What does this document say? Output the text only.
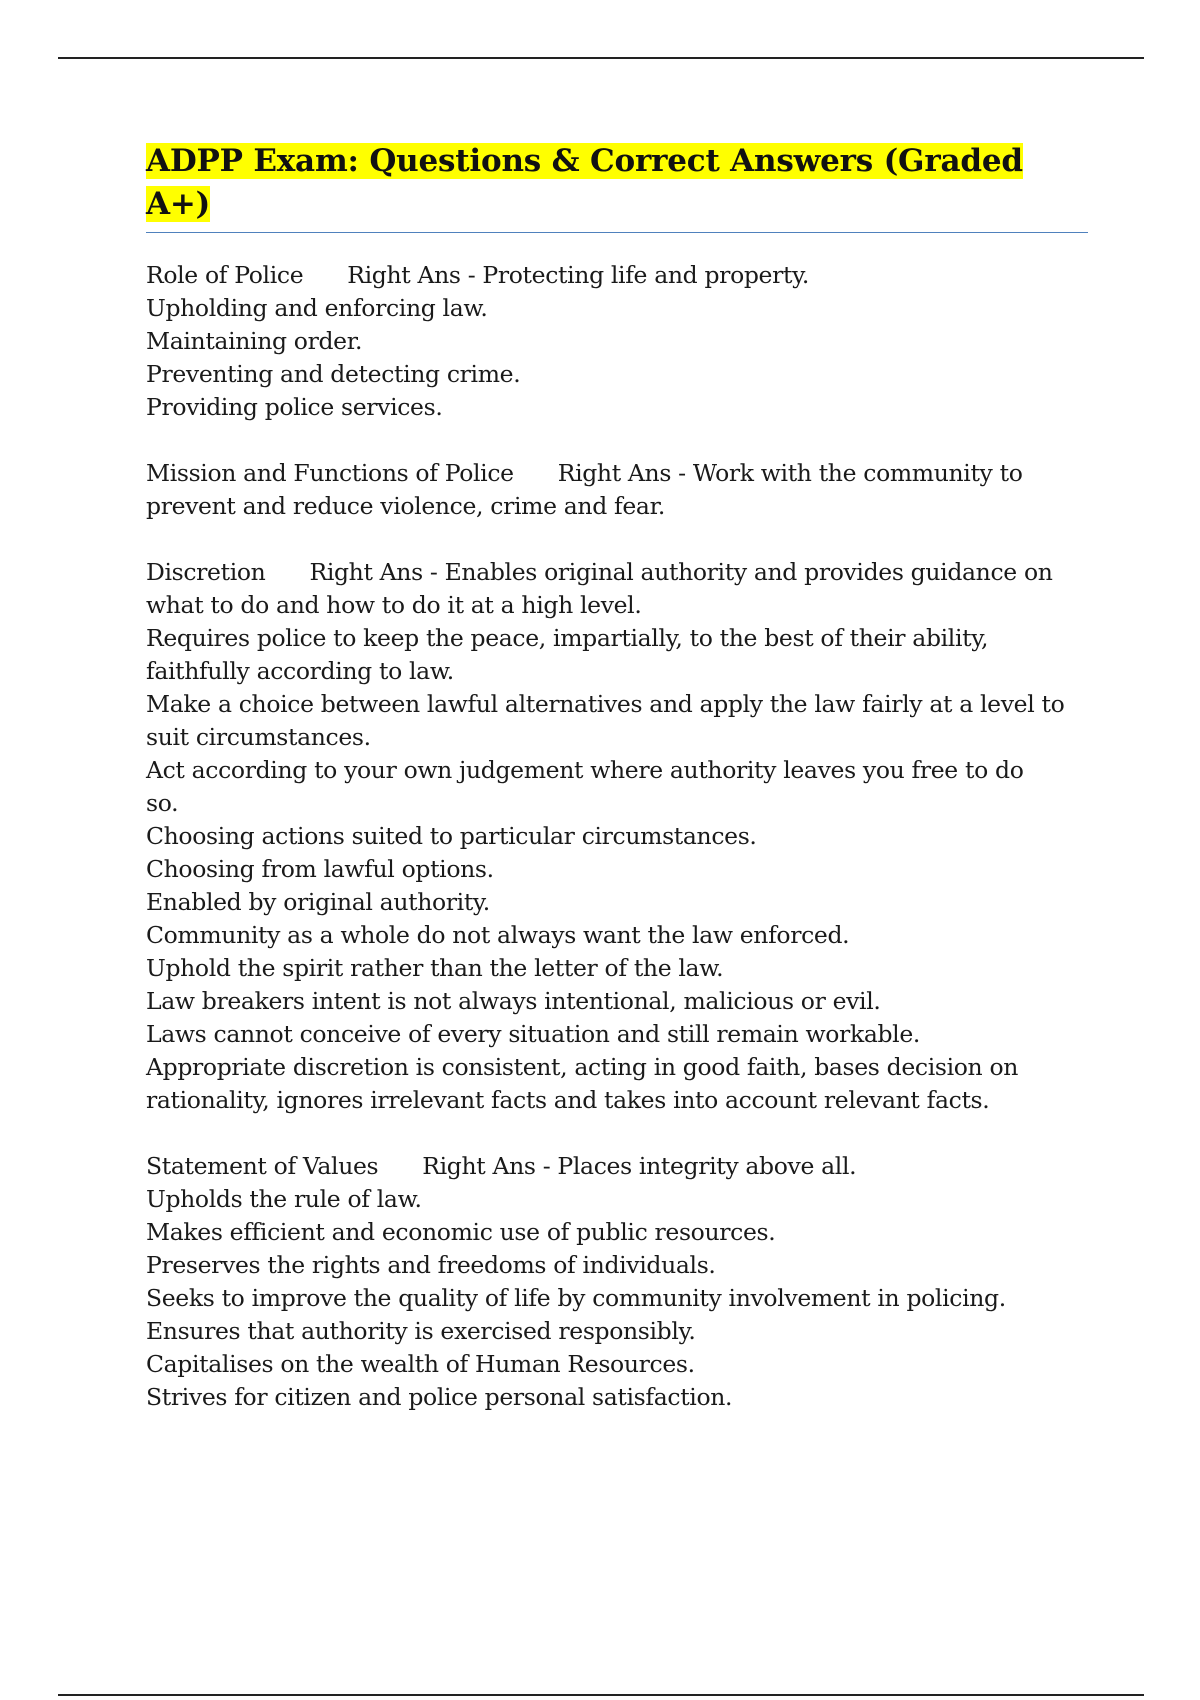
ADPP Exam: Questions & Correct Answers (Graded A+)
Role of Police Right Ans - Protecting life and property.
Upholding and enforcing law.
Maintaining order.
Preventing and detecting crime.
Providing police services.
Mission and Functions of Police Right Ans - Work with the community to
prevent and reduce violence, crime and fear.
Discretion Right Ans - Enables original authority and provides guidance on
what to do and how to do it at a high level.
Requires police to keep the peace, impartially, to the best of their ability,
faithfully according to law.
Make a choice between lawful alternatives and apply the law fairly at a level to
suit circumstances.
Act according to your own judgement where authority leaves you free to do
so.
Choosing actions suited to particular circumstances.
Choosing from lawful options.
Enabled by original authority.
Community as a whole do not always want the law enforced.
Uphold the spirit rather than the letter of the law.
Law breakers intent is not always intentional, malicious or evil.
Laws cannot conceive of every situation and still remain workable.
Appropriate discretion is consistent, acting in good faith, bases decision on
rationality, ignores irrelevant facts and takes into account relevant facts.
Statement of Values Right Ans - Places integrity above all.
Upholds the rule of law.
Makes efficient and economic use of public resources.
Preserves the rights and freedoms of individuals.
Seeks to improve the quality of life by community involvement in policing.
Ensures that authority is exercised responsibly.
Capitalises on the wealth of Human Resources.
Strives for citizen and police personal satisfaction.
